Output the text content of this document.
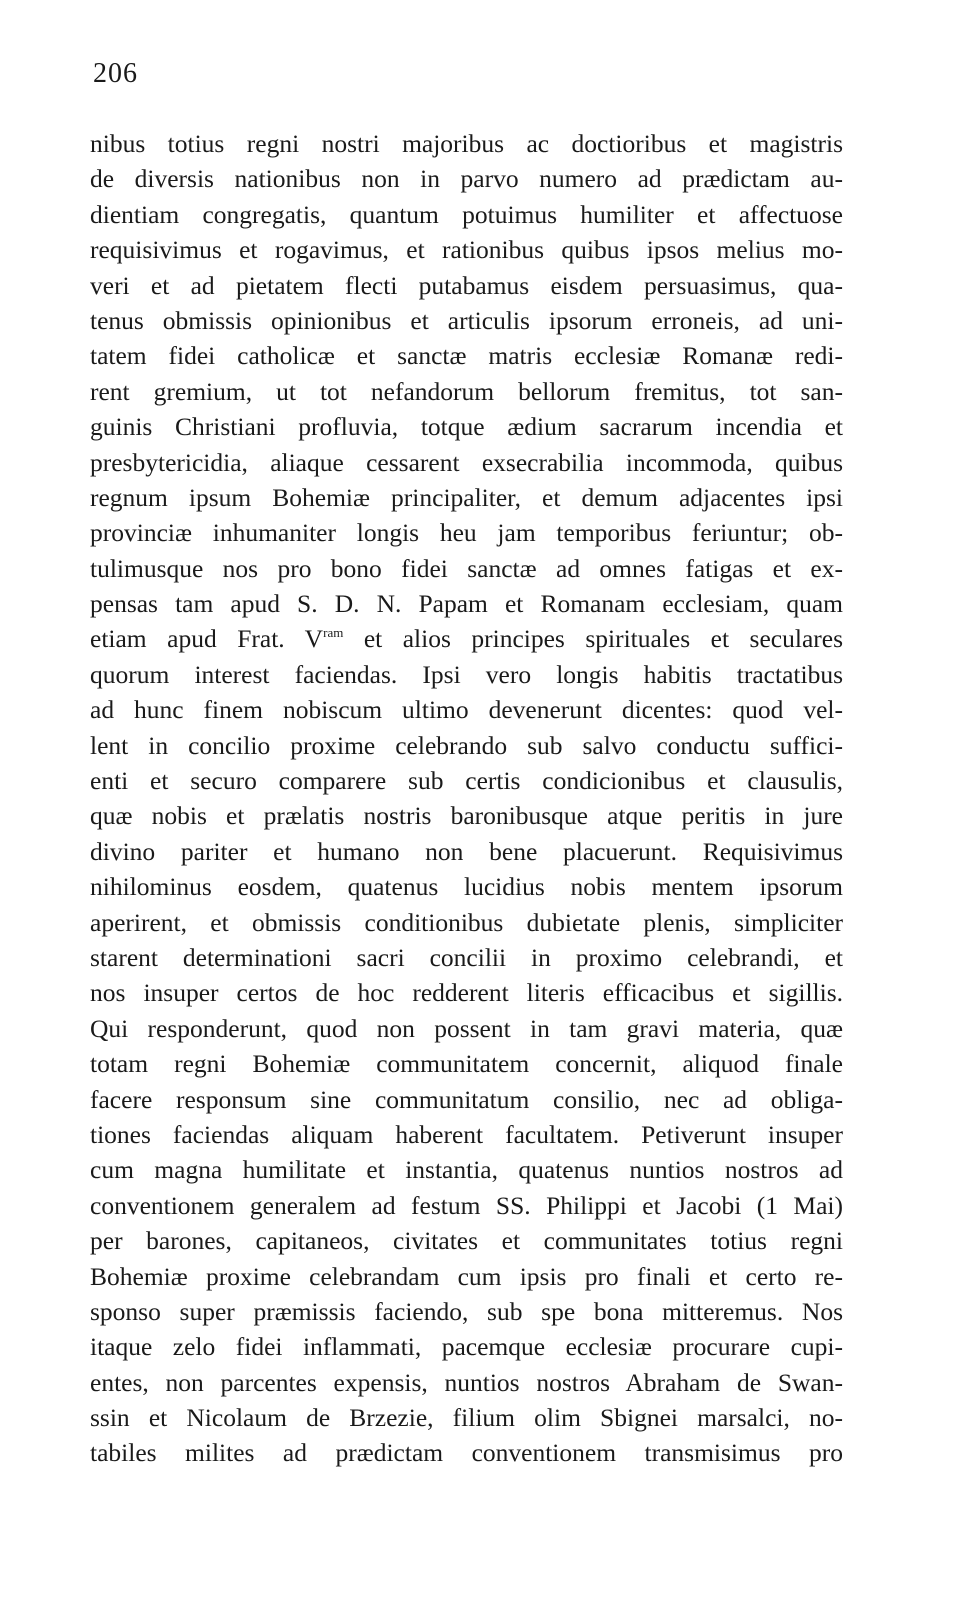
206
nibus totius regni nostri majoribus ac doctioribus et magistris
de diversis nationibus non in parvo numero ad prædictam au-
dientiam congregatis, quantum potuimus humiliter et affectuose
requisivimus et rogavimus, et rationibus quibus ipsos melius mo-
veri et ad pietatem flecti putabamus eisdem persuasimus, qua-
tenus obmissis opinionibus et articulis ipsorum erroneis, ad uni-
tatem fidei catholicæ et sanctæ matris ecclesiæ Romanæ redi-
rent gremium, ut tot nefandorum bellorum fremitus, tot san-
guinis Christiani profluvia, totque ædium sacrarum incendia et
presbytericidia, aliaque cessarent exsecrabilia incommoda, quibus
regnum ipsum Bohemiæ principaliter, et demum adjacentes ipsi
provinciæ inhumaniter longis heu jam temporibus feriuntur; ob-
tulimusque nos pro bono fidei sanctæ ad omnes fatigas et ex-
pensas tam apud S. D. N. Papam et Romanam ecclesiam, quam
etiam apud Frat. $V^{ram}$ et alios principes spirituales et seculares
quorum interest faciendas. Ipsi vero longis habitis tractatibus
ad hunc finem nobiscum ultimo devenerunt dicentes: quod vel-
lent in concilio proxime celebrando sub salvo conductu suffici-
enti et securo comparere sub certis condicionibus et clausulis,
quæ nobis et prælatis nostris baronibusque atque peritis in jure
divino pariter et humano non bene placuerunt. Requisivimus
nihilominus eosdem, quatenus lucidius nobis mentem ipsorum
aperirent, et obmissis conditionibus dubietate plenis, simpliciter
starent determinationi sacri concilii in proximo celebrandi, et
nos insuper certos de hoc redderent literis efficacibus et sigillis.
Qui responderunt, quod non possent in tam gravi materia, quæ
totam regni Bohemiæ communitatem concernit, aliquod finale
facere responsum sine communitatum consilio, nec ad obliga-
tiones faciendas aliquam haberent facultatem. Petiverunt insuper
cum magna humilitate et instantia, quatenus nuntios nostros ad
conventionem generalem ad festum SS. Philippi et Jacobi (1 Mai)
per barones, capitaneos, civitates et communitates totius regni
Bohemiæ proxime celebrandam cum ipsis pro finali et certo re-
sponso super præmissis faciendo, sub spe bona mitteremus. Nos
itaque zelo fidei inflammati, pacemque ecclesiæ procurare cupi-
entes, non parcentes expensis, nuntios nostros Abraham de Swan-
ssin et Nicolaum de Brzezie, filium olim Sbignei marsalci, no-
tabiles milites ad prædictam conventionem transmisimus pro
